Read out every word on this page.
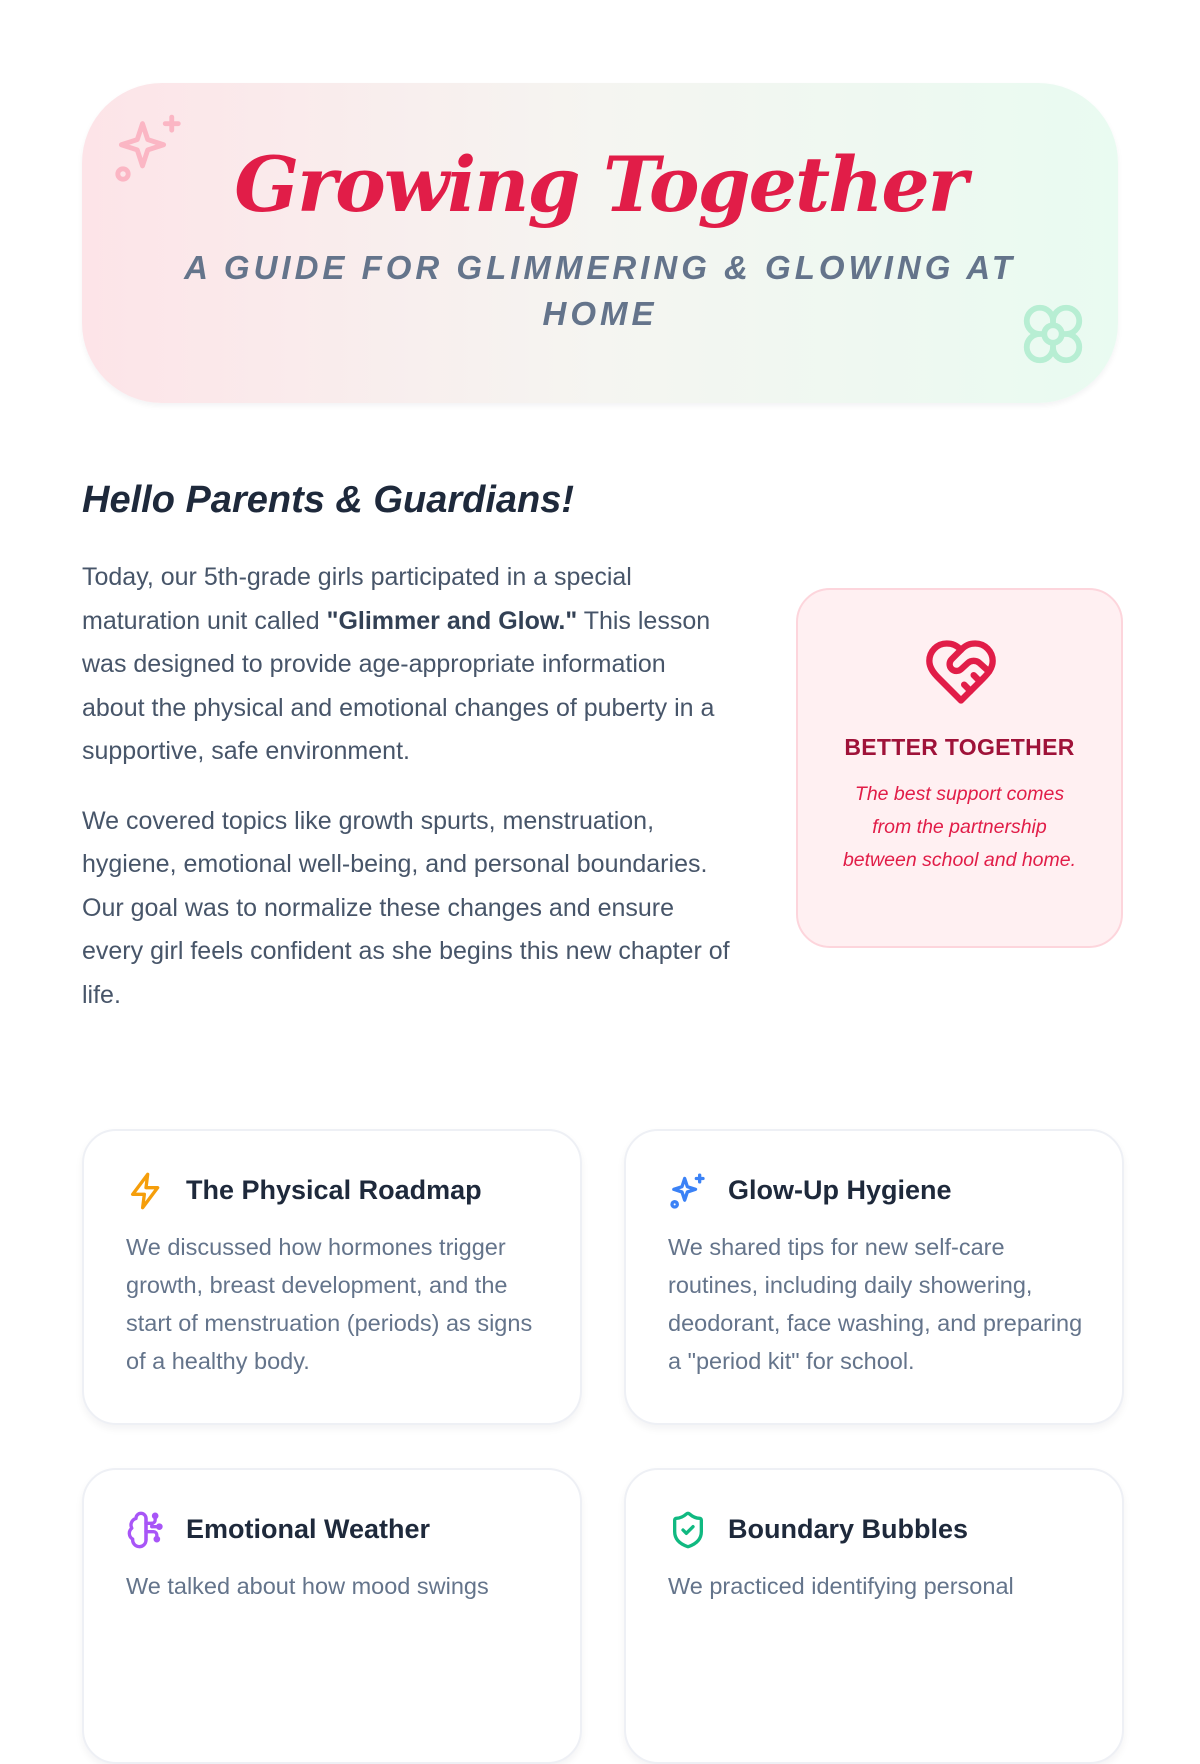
Growing Together

A GUIDE FOR GLIMMERING & GLOWING AT HOME

Hello Parents & Guardians!

Today, our 5th-grade girls participated in a special maturation unit called "Glimmer and Glow." This lesson was designed to provide age-appropriate information about the physical and emotional changes of puberty in a supportive, safe environment.

We covered topics like growth spurts, menstruation, hygiene, emotional well-being, and personal boundaries. Our goal was to normalize these changes and ensure every girl feels confident as she begins this new chapter of life.

BETTER TOGETHER

The best support comes from the partnership between school and home.

The Physical Roadmap

We discussed how hormones trigger growth, breast development, and the start of menstruation (periods) as signs of a healthy body.

Glow-Up Hygiene

We shared tips for new self-care routines, including daily showering, deodorant, face washing, and preparing a "period kit" for school.

Emotional Weather

We talked about how mood swings

Boundary Bubbles

We practiced identifying personal
